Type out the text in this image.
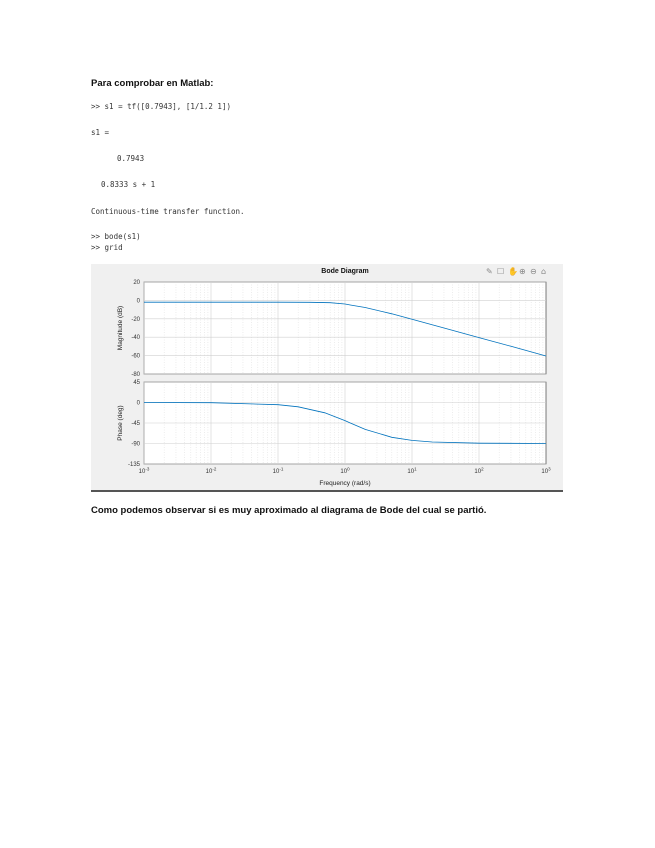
Para comprobar en Matlab:
>> s1 = tf([0.7943], [1/1.2 1])
s1 =
0.7943
0.8333 s + 1
Continuous-time transfer function.
>> bode(s1)
>> grid
Bode Diagram	✎ ☐ ✋ ⊕ ⊖ ⌂
20
0
-20
-40
-60
-80
Magnitude (dB)
45
0
-45
-90
-135
Phase (deg)
$10^{-3}$	$10^{-2}$	$10^{-1}$	$10^0$	$10^1$	$10^2$	$10^3$
Frequency (rad/s)
Como podemos observar si es muy aproximado al diagrama de Bode del cual se partió.
